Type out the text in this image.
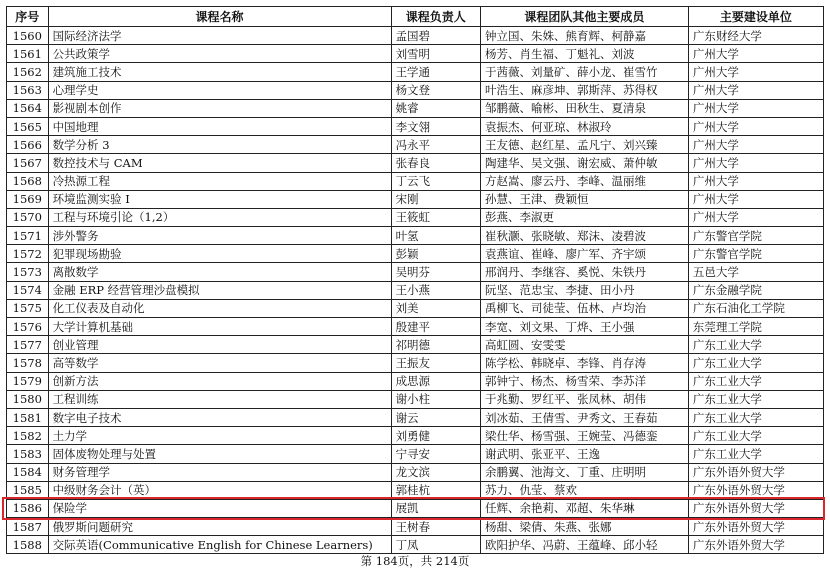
序号	课程名称	课程负责人	课程团队其他主要成员	主要建设单位
1560	国际经济法学	孟国碧	钟立国、朱姝、熊育辉、柯静嘉	广东财经大学
1561	公共政策学	刘雪明	杨芳、肖生福、丁魁礼、刘波	广州大学
1562	建筑施工技术	王学通	于茜薇、刘量矿、薛小龙、崔雪竹	广州大学
1563	心理学史	杨文登	叶浩生、麻彦坤、郭斯萍、苏得权	广州大学
1564	影视剧本创作	姚睿	邹鹏薇、喻彬、田秋生、夏清泉	广州大学
1565	中国地理	李文翎	袁振杰、何亚琼、林淑玲	广州大学
1566	数学分析 3	冯永平	王友德、赵红星、孟凡宁、刘兴臻	广州大学
1567	数控技术与 CAM	张春良	陶建华、吴文强、谢宏威、萧仲敏	广州大学
1568	冷热源工程	丁云飞	方赵嵩、廖云丹、李峰、温丽维	广州大学
1569	环境监测实验 I	宋刚	孙慧、王津、费颖恒	广州大学
1570	工程与环境引论（1,2）	王筱虹	彭燕、李淑更	广州大学
1571	涉外警务	叶氢	崔秋灏、张晓敏、郑沫、凌碧波	广东警官学院
1572	犯罪现场勘验	彭颖	袁燕谊、崔峰、廖广军、齐宇颂	广东警官学院
1573	离散数学	吴明芬	邢润丹、李继容、奚悦、朱铁丹	五邑大学
1574	金融 ERP 经营管理沙盘模拟	王小燕	阮坚、范忠宝、李捷、田小丹	广东金融学院
1575	化工仪表及自动化	刘美	禹柳飞、司徒莹、伍林、卢均治	广东石油化工学院
1576	大学计算机基础	殷建平	李宽、刘文果、丁烨、王小强	东莞理工学院
1577	创业管理	祁明德	高虹圆、安雯雯	广东工业大学
1578	高等数学	王振友	陈学松、韩晓卓、李锋、肖存涛	广东工业大学
1579	创新方法	成思源	郭钟宁、杨杰、杨雪荣、李苏洋	广东工业大学
1580	工程训练	谢小柱	于兆勤、罗红平、张凤林、胡伟	广东工业大学
1581	数字电子技术	谢云	刘冰茹、王倩雪、尹秀文、王春茹	广东工业大学
1582	土力学	刘勇健	梁仕华、杨雪强、王婉莹、冯德銮	广东工业大学
1583	固体废物处理与处置	宁寻安	谢武明、张亚平、王逸	广东工业大学
1584	财务管理学	龙文滨	余鹏翼、池海文、丁重、庄明明	广东外语外贸大学
1585	中级财务会计（英）	郭桂杭	苏力、仇莹、蔡欢	广东外语外贸大学
1586	保险学	展凯	任辉、余艳莉、邓超、朱华琳	广东外语外贸大学
1587	俄罗斯问题研究	王树春	杨甜、梁倩、朱燕、张娜	广东外语外贸大学
1588	交际英语(Communicative English for Chinese Learners)	丁凤	欧阳护华、冯蔚、王蕴峰、邱小轻	广东外语外贸大学
第 184页，共 214页
